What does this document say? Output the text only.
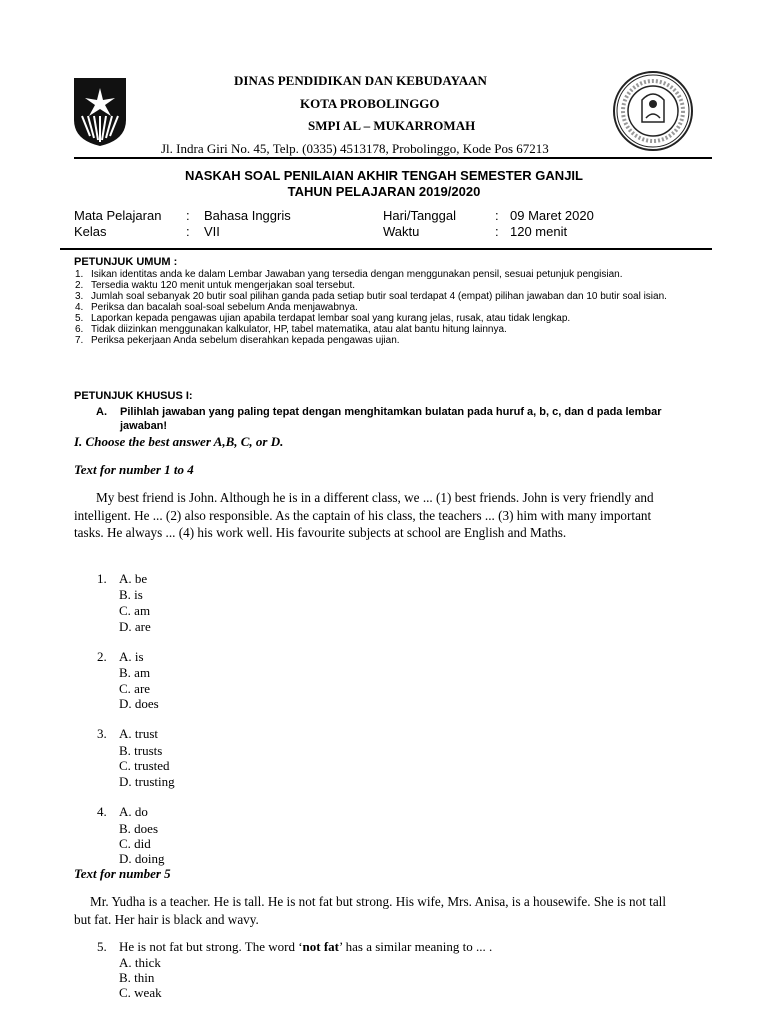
DINAS PENDIDIKAN DAN KEBUDAYAAN
KOTA PROBOLINGGO
SMPI AL – MUKARROMAH
Jl. Indra Giri No. 45, Telp. (0335) 4513178, Probolinggo, Kode Pos 67213
NASKAH SOAL PENILAIAN AKHIR TENGAH SEMESTER GANJIL
TAHUN PELAJARAN 2019/2020
Mata Pelajaran : Bahasa Inggris	Hari/Tanggal	: 09 Maret 2020
Kelas	: VII	Waktu	: 120 menit
PETUNJUK UMUM :
1. Isikan identitas anda ke dalam Lembar Jawaban yang tersedia dengan menggunakan pensil, sesuai petunjuk pengisian.
2. Tersedia waktu 120 menit untuk mengerjakan soal tersebut.
3. Jumlah soal sebanyak 20 butir soal pilihan ganda pada setiap butir soal terdapat 4 (empat) pilihan jawaban dan 10 butir soal isian.
4. Periksa dan bacalah soal-soal sebelum Anda menjawabnya.
5. Laporkan kepada pengawas ujian apabila terdapat lembar soal yang kurang jelas, rusak, atau tidak lengkap.
6. Tidak diizinkan menggunakan kalkulator, HP, tabel matematika, atau alat bantu hitung lainnya.
7. Periksa pekerjaan Anda sebelum diserahkan kepada pengawas ujian.
PETUNJUK KHUSUS I:
A.	Pilihlah jawaban yang paling tepat dengan menghitamkan bulatan pada huruf a, b, c, dan d pada lembar jawaban!
I. Choose the best answer A,B, C, or D.
Text for number 1 to 4
My best friend is John. Although he is in a different class, we ... (1) best friends. John is very friendly and intelligent. He ... (2) also responsible. As the captain of his class, the teachers ... (3) him with many important tasks. He always ... (4) his work well. His favourite subjects at school are English and Maths.
1. A. be
B. is
C. am
D. are
2. A. is
B. am
C. are
D. does
3. A. trust
B. trusts
C. trusted
D. trusting
4. A. do
B. does
C. did
D. doing
Text for number 5
Mr. Yudha is a teacher. He is tall. He is not fat but strong. His wife, Mrs. Anisa, is a housewife. She is not tall but fat. Her hair is black and wavy.
5. He is not fat but strong. The word ‘not fat’ has a similar meaning to ... .
A. thick
B. thin
C. weak
